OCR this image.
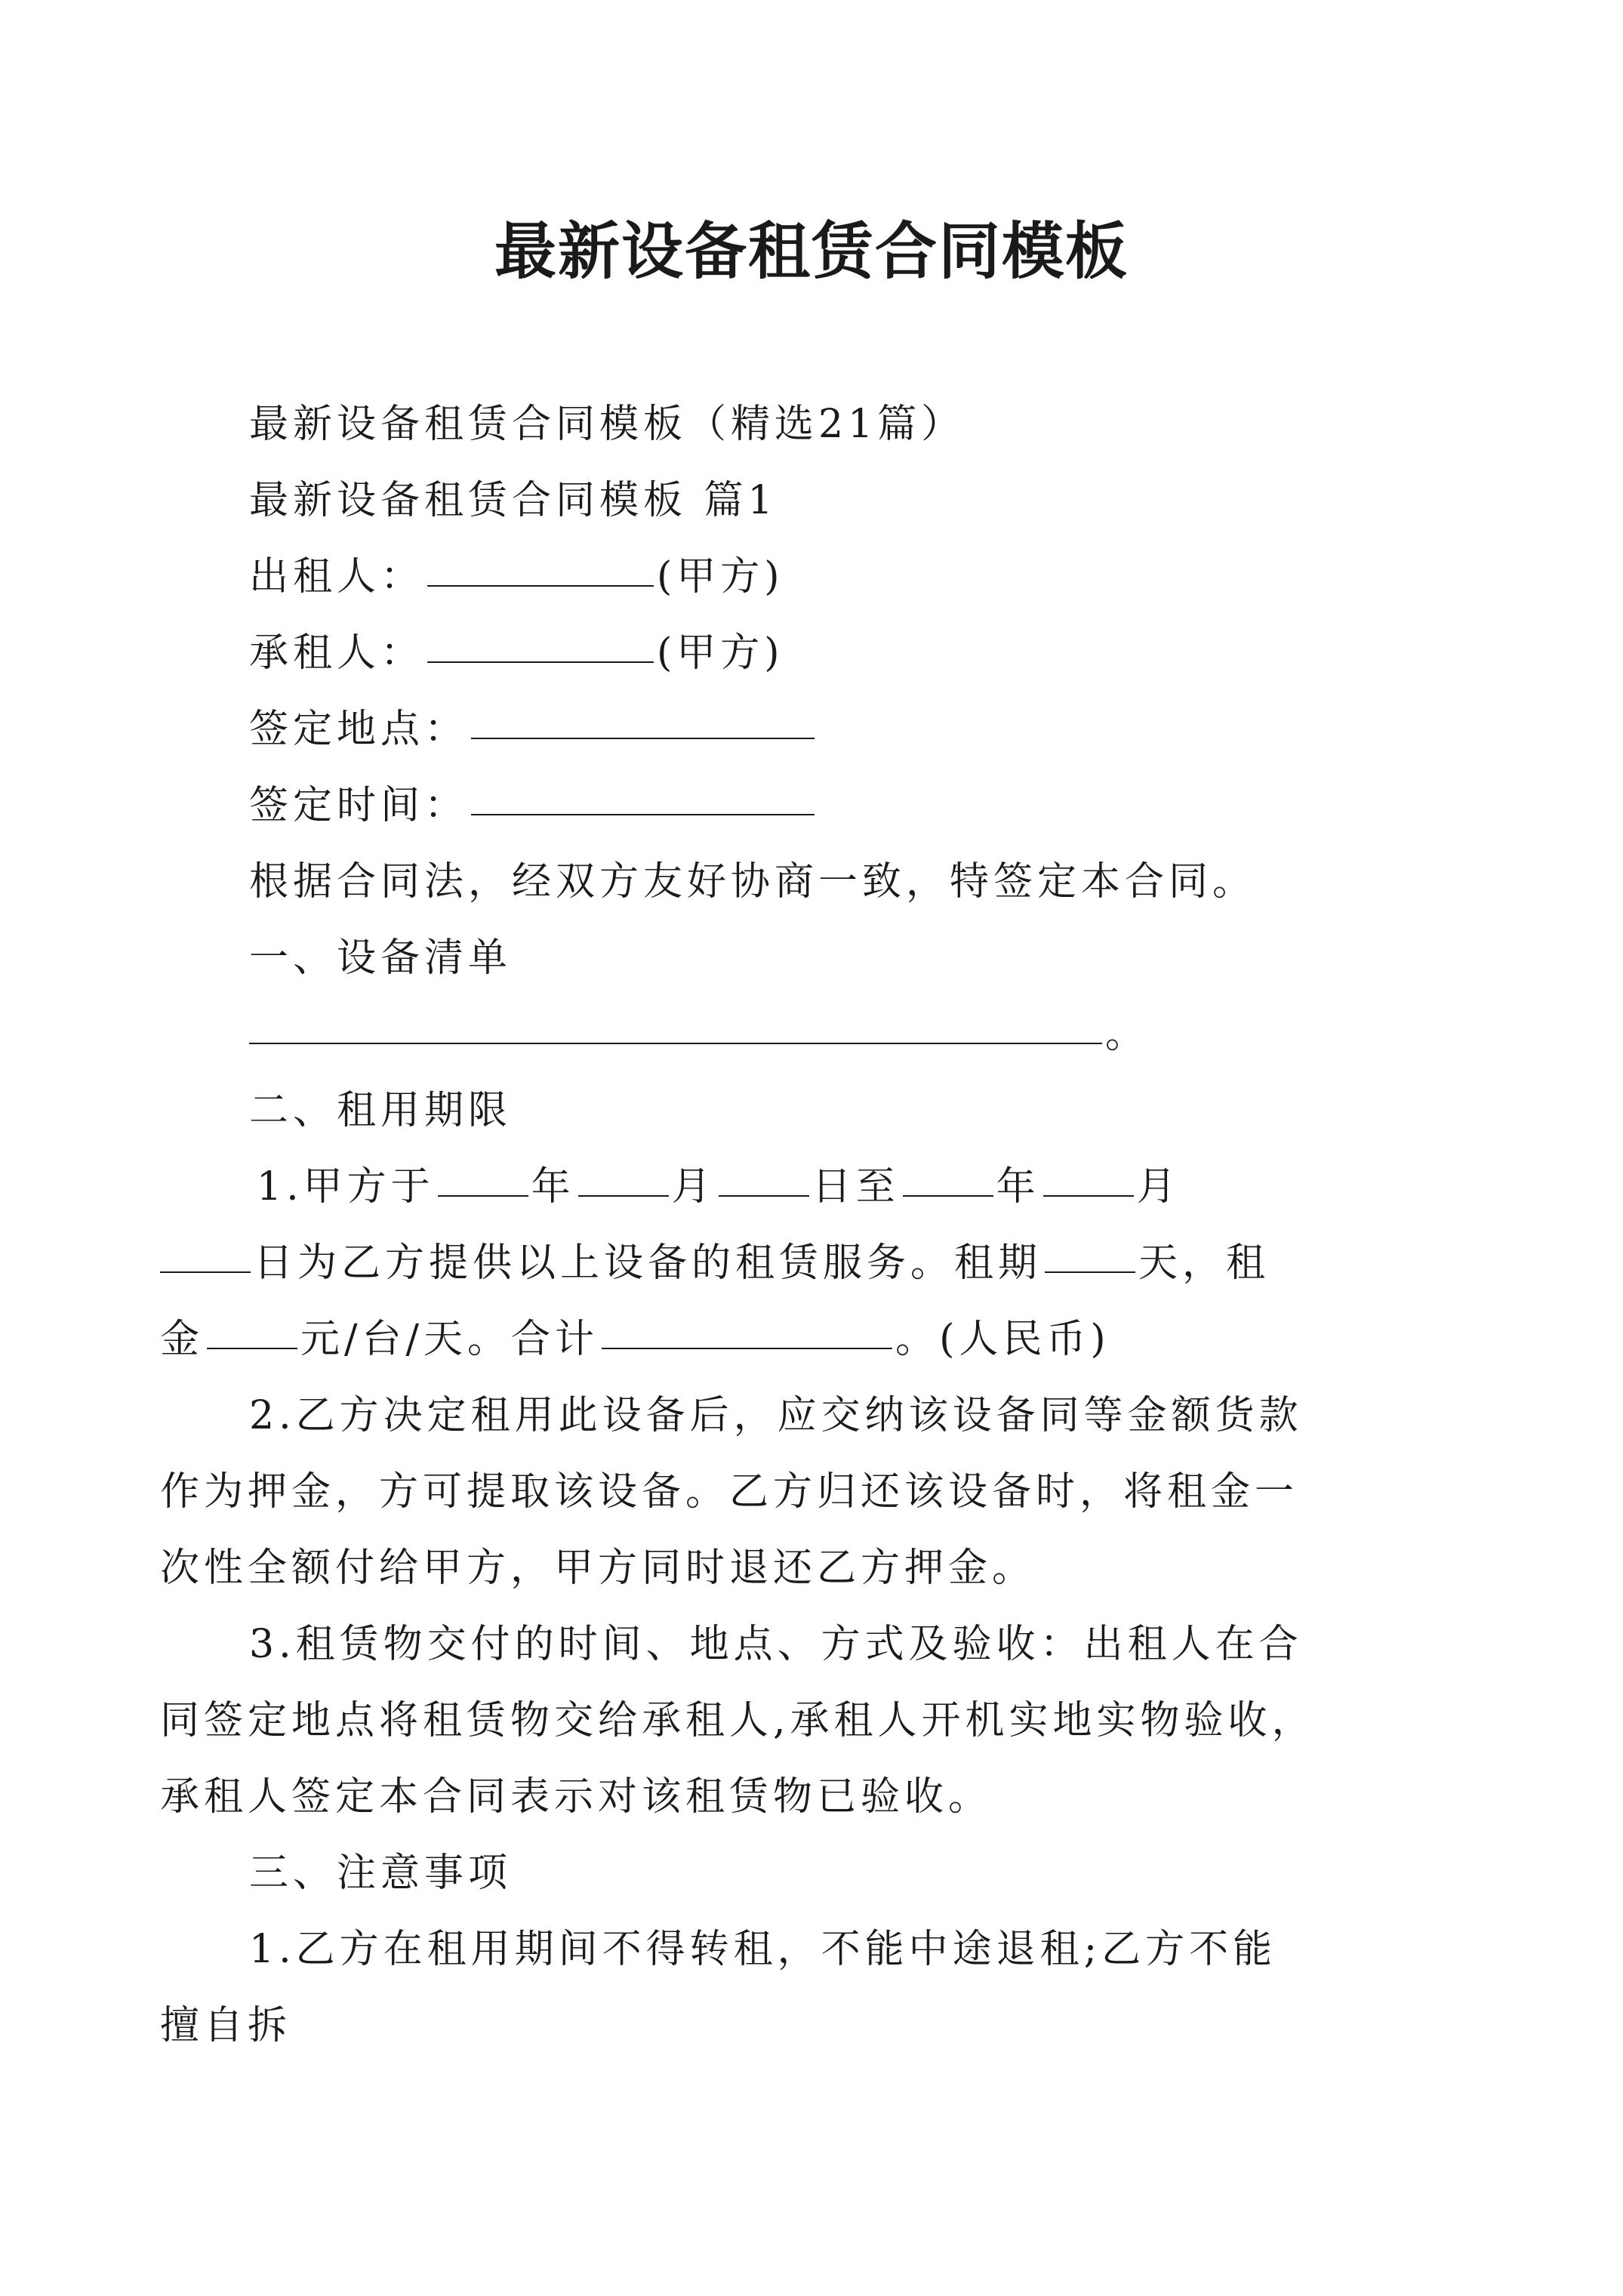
最新设备租赁合同模板
最新设备租赁合同模板（精选21篇）
最新设备租赁合同模板 篇1
出租人：	(甲方)
承租人：	(甲方)
签定地点：
签定时间：
根据合同法，经双方友好协商一致，特签定本合同。
一、设备清单
。
二、租用期限
1.甲方于 年 月 日至 年 月
日为乙方提供以上设备的租赁服务。租期 天，租
金 元/台/天。合计	。(人民币)
2.乙方决定租用此设备后，应交纳该设备同等金额货款
作为押金，方可提取该设备。乙方归还该设备时，将租金一
次性全额付给甲方，甲方同时退还乙方押金。
3.租赁物交付的时间、地点、方式及验收：出租人在合
同签定地点将租赁物交给承租人,承租人开机实地实物验收，
承租人签定本合同表示对该租赁物已验收。
三、注意事项
1.乙方在租用期间不得转租，不能中途退租;乙方不能
擅自拆
